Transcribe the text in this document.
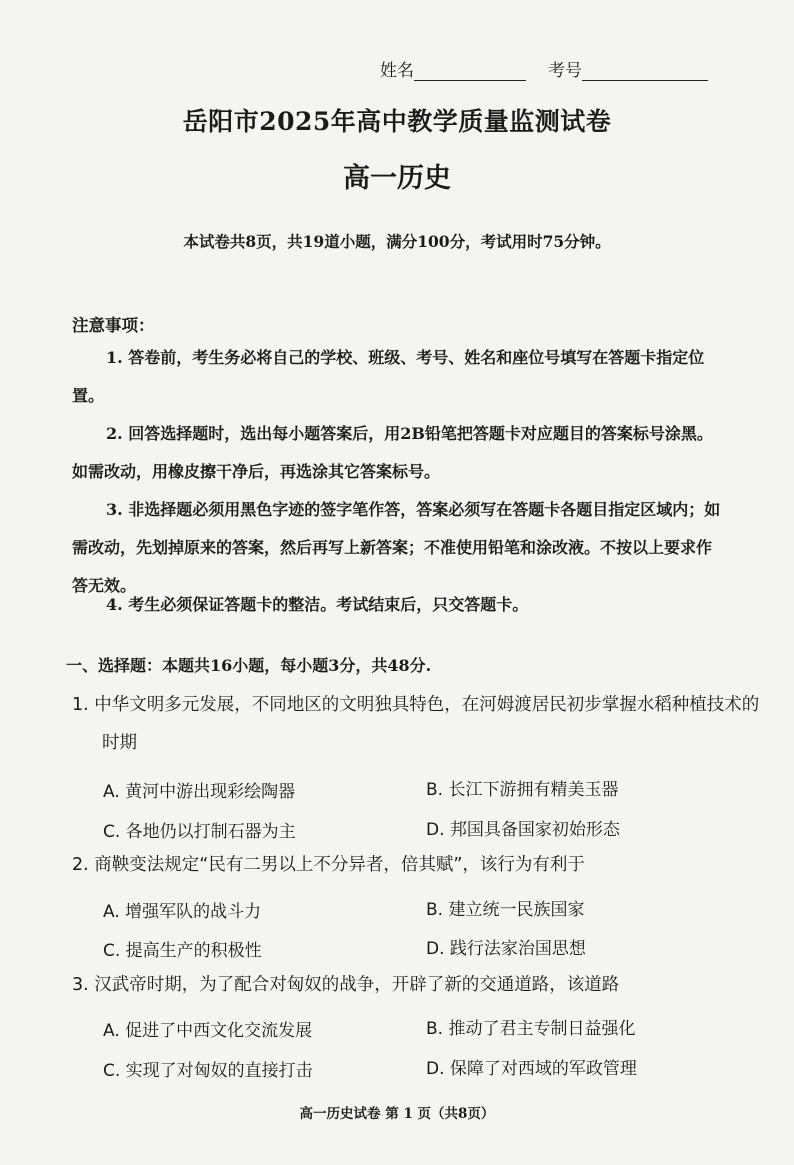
姓名	考号
岳阳市2025年高中教学质量监测试卷
高一历史
本试卷共8页，共19道小题，满分100分，考试用时75分钟。
注意事项：

1. 答卷前，考生务必将自己的学校、班级、考号、姓名和座位号填写在答题卡指定位置。

2. 回答选择题时，选出每小题答案后，用2B铅笔把答题卡对应题目的答案标号涂黑。如需改动，用橡皮擦干净后，再选涂其它答案标号。

3. 非选择题必须用黑色字迹的签字笔作答，答案必须写在答题卡各题目指定区域内；如需改动，先划掉原来的答案，然后再写上新答案；不准使用铅笔和涂改液。不按以上要求作答无效。

4. 考生必须保证答题卡的整洁。考试结束后，只交答题卡。

一、选择题：本题共16小题，每小题3分，共48分.

1. 中华文明多元发展，不同地区的文明独具特色，在河姆渡居民初步掌握水稻种植技术的时期

A. 黄河中游出现彩绘陶器	B. 长江下游拥有精美玉器
C. 各地仍以打制石器为主	D. 邦国具备国家初始形态

2. 商鞅变法规定“民有二男以上不分异者，倍其赋”，该行为有利于

A. 增强军队的战斗力	B. 建立统一民族国家
C. 提高生产的积极性	D. 践行法家治国思想

3. 汉武帝时期，为了配合对匈奴的战争，开辟了新的交通道路，该道路

A. 促进了中西文化交流发展	B. 推动了君主专制日益强化
C. 实现了对匈奴的直接打击	D. 保障了对西域的军政管理
高一历史试卷 第 1 页（共8页）
